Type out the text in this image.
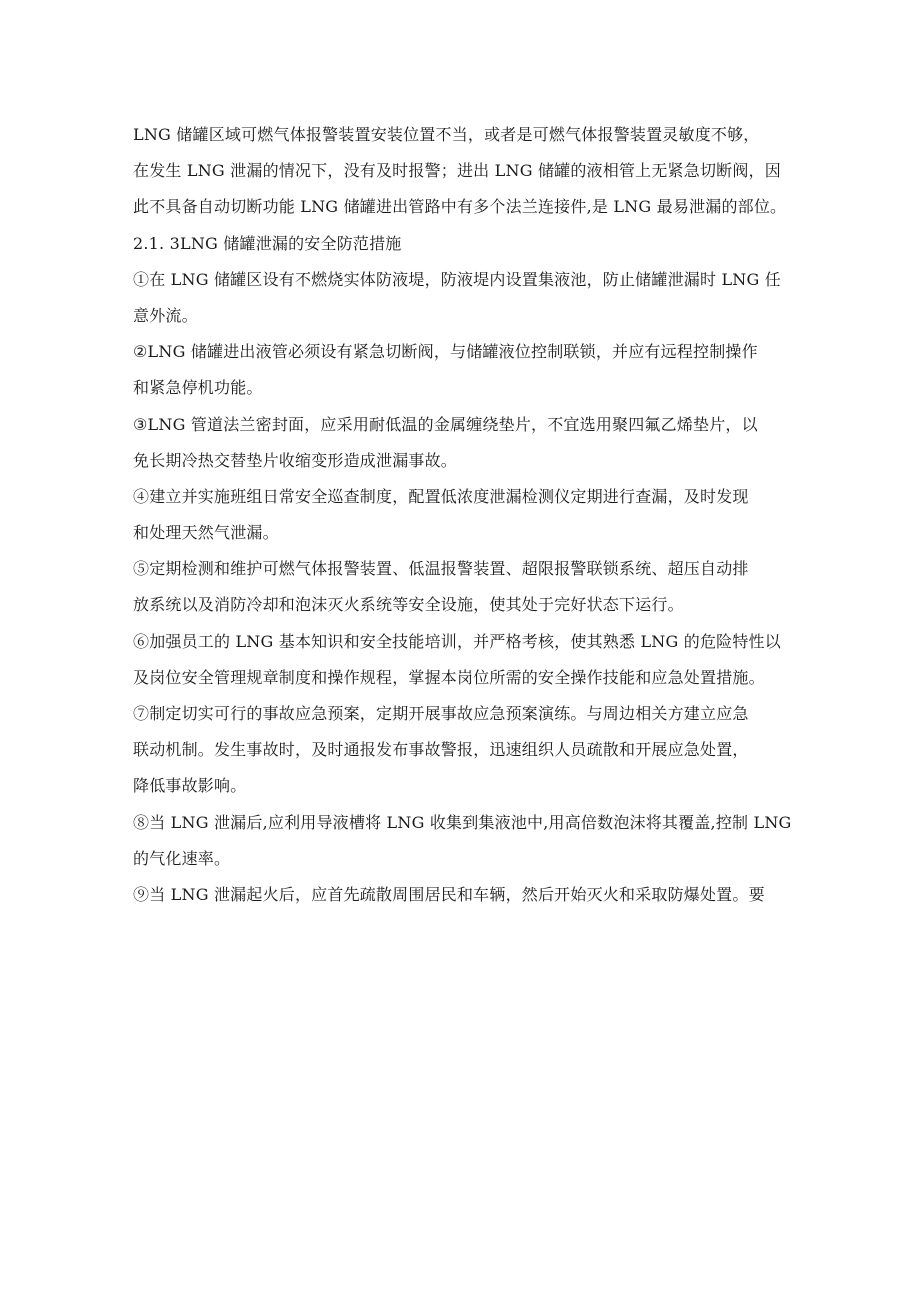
LNG 储罐区域可燃气体报警装置安装位置不当，或者是可燃气体报警装置灵敏度不够，
在发生 LNG 泄漏的情况下，没有及时报警；进出 LNG 储罐的液相管上无紧急切断阀，因
此不具备自动切断功能 LNG 储罐进出管路中有多个法兰连接件,是 LNG 最易泄漏的部位。
2.1. 3LNG 储罐泄漏的安全防范措施
①在 LNG 储罐区设有不燃烧实体防液堤，防液堤内设置集液池，防止储罐泄漏时 LNG 任
意外流。
②LNG 储罐进出液管必须设有紧急切断阀，与储罐液位控制联锁，并应有远程控制操作
和紧急停机功能。
③LNG 管道法兰密封面，应采用耐低温的金属缠绕垫片，不宜选用聚四氟乙烯垫片，以
免长期冷热交替垫片收缩变形造成泄漏事故。
④建立并实施班组日常安全巡查制度，配置低浓度泄漏检测仪定期进行查漏，及时发现
和处理天然气泄漏。
⑤定期检测和维护可燃气体报警装置、低温报警装置、超限报警联锁系统、超压自动排
放系统以及消防冷却和泡沫灭火系统等安全设施，使其处于完好状态下运行。
⑥加强员工的 LNG 基本知识和安全技能培训，并严格考核，使其熟悉 LNG 的危险特性以
及岗位安全管理规章制度和操作规程，掌握本岗位所需的安全操作技能和应急处置措施。
⑦制定切实可行的事故应急预案，定期开展事故应急预案演练。与周边相关方建立应急
联动机制。发生事故时，及时通报发布事故警报，迅速组织人员疏散和开展应急处置，
降低事故影响。
⑧当 LNG 泄漏后,应利用导液槽将 LNG 收集到集液池中,用高倍数泡沫将其覆盖,控制 LNG
的气化速率。
⑨当 LNG 泄漏起火后，应首先疏散周围居民和车辆，然后开始灭火和采取防爆处置。要
